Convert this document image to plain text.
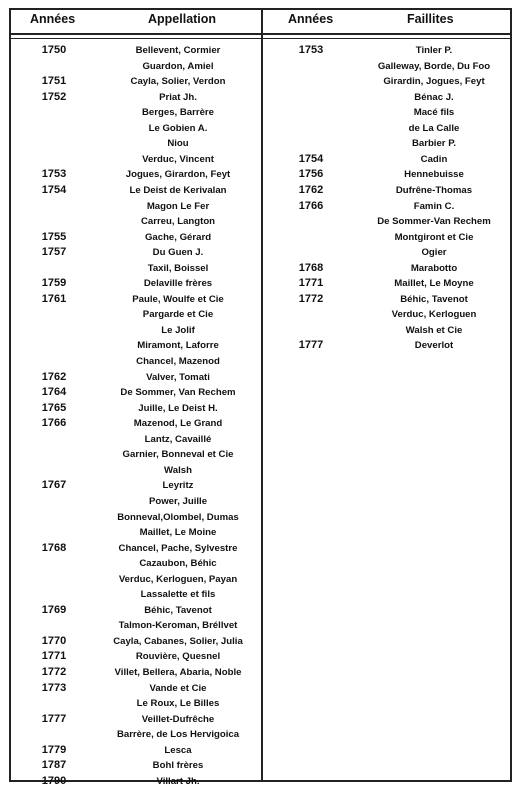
Années	Appellation	Années	Faillites
1750	Bellevent, Cormier
Guardon, Amiel
1751	Cayla, Solier, Verdon
1752	Priat Jh.
Berges, Barrère
Le Gobien A.
Niou
Verduc, Vincent
1753	Jogues, Girardon, Feyt
1754	Le Deist de Kerivalan
Magon Le Fer
Carreu, Langton
1755	Gache, Gérard
1757	Du Guen J.
Taxil, Boissel
1759	Delaville frères
1761	Paule, Woulfe et Cie
Pargarde et Cie
Le Jolif
Miramont, Laforre
Chancel, Mazenod
1762	Valver, Tomati
1764	De Sommer, Van Rechem
1765	Juille, Le Deist H.
1766	Mazenod, Le Grand
Lantz, Cavaillé
Garnier, Bonneval et Cie
Walsh
1767	Leyritz
Power, Juille
Bonneval,Olombel, Dumas
Maillet, Le Moine
1768	Chancel, Pache, Sylvestre
Cazaubon, Béhic
Verduc, Kerloguen, Payan
Lassalette et fils
1769	Béhic, Tavenot
Talmon-Keroman, Bréllvet
1770	Cayla, Cabanes, Solier, Julia
1771	Rouvière, Quesnel
1772	Villet, Bellera, Abaria, Noble
1773	Vande et Cie
Le Roux, Le Billes
1777	Veillet-Dufrêche
Barrère, de Los Hervigoica
1779	Lesca
1787	Bohl frères
1790	Villart Jh.
1753	Tinler P.
Galleway, Borde, Du Foo
Girardin, Jogues, Feyt
Bénac J.
Macé fils
de La Calle
Barbier P.
1754	Cadin
1756	Hennebuisse
1762	Dufrêne-Thomas
1766	Famin C.
De Sommer-Van Rechem
Montgiront et Cie
Ogier
1768	Marabotto
1771	Maillet, Le Moyne
1772	Béhic, Tavenot
Verduc, Kerloguen
Walsh et Cie
1777	Deverlot
